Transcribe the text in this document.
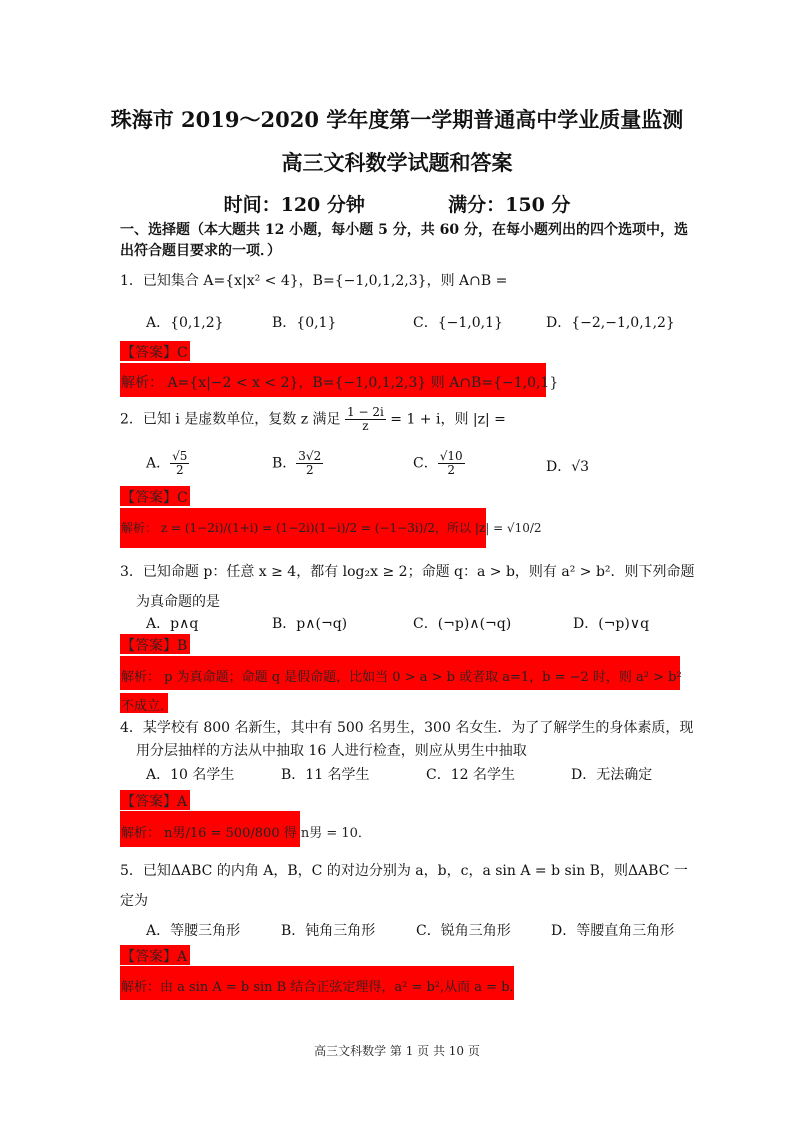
珠海市 2019～2020 学年度第一学期普通高中学业质量监测
高三文科数学试题和答案
时间：120 分钟	满分：150 分
一、选择题（本大题共 12 小题，每小题 5 分，共 60 分，在每小题列出的四个选项中，选
出符合题目要求的一项．）
1．已知集合 A={x|x² < 4}，B={−1,0,1,2,3}，则 A∩B =
A．{0,1,2}	B．{0,1}	C．{−1,0,1}	D．{−2,−1,0,1,2}
【答案】C
解析： A={x|−2 < x < 2}，B={−1,0,1,2,3} 则 A∩B={−1,0,1}
2．已知 i 是虚数单位，复数 z 满足 $\frac{1 - 2i}{z} = 1 + i$，则 |z| =
A． $\frac{√5}{2}$	B． $\frac{3√2}{2}$	C． $\frac{√10}{2}$	D．√3
【答案】C
解析： z = (1−2i)/(1+i) = (1−2i)(1−i)/2 = (−1−3i)/2，所以 |z| = √10/2
3．已知命题 p：任意 x ≥ 4，都有 log₂x ≥ 2；命题 q：a > b，则有 a² > b²．则下列命题
为真命题的是
A．p∧q	B．p∧(¬q)	C．(¬p)∧(¬q)	D．(¬p)∨q
【答案】B
解析： p 为真命题；命题 q 是假命题，比如当 0 > a > b 或者取 a=1，b = −2 时，则 a² > b²
不成立．
4．某学校有 800 名新生，其中有 500 名男生，300 名女生．为了了解学生的身体素质，现
用分层抽样的方法从中抽取 16 人进行检查，则应从男生中抽取
A．10 名学生	B．11 名学生	C．12 名学生	D．无法确定
【答案】A
解析： n男/16 = 500/800 得 n男 = 10．
5．已知ΔABC 的内角 A，B，C 的对边分别为 a，b，c，a sin A = b sin B，则ΔABC 一
定为
A．等腰三角形	B．钝角三角形	C．锐角三角形	D．等腰直角三角形
【答案】A
解析：由 a sin A = b sin B 结合正弦定理得，a² = b²,从而 a = b．
高三文科数学 第 1 页 共 10 页
